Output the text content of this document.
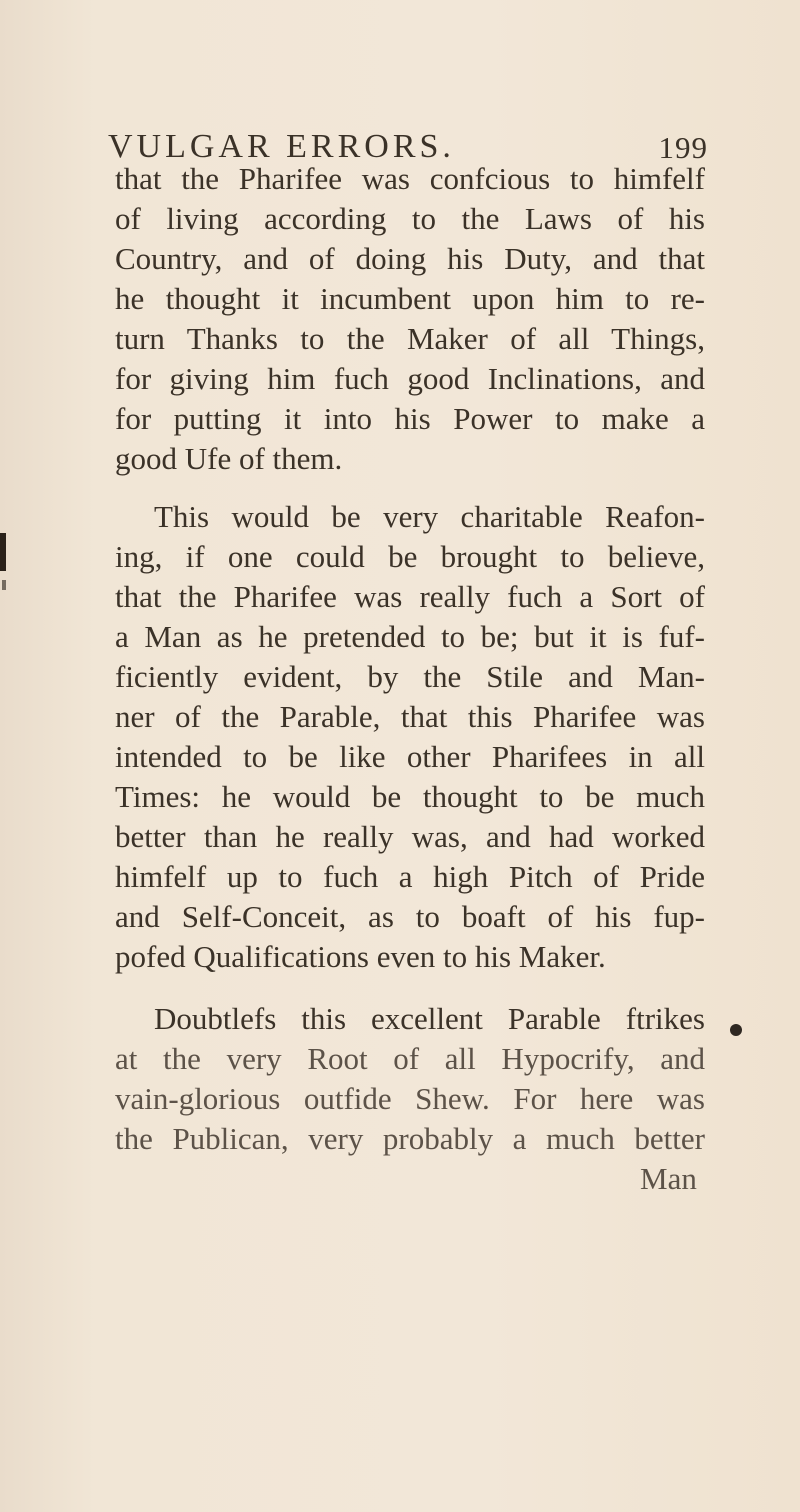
VULGAR ERRORS.	199
that the Pharifee was confcious to himfelf
of living according to the Laws of his
Country, and of doing his Duty, and that
he thought it incumbent upon him to re-
turn Thanks to the Maker of all Things,
for giving him fuch good Inclinations, and
for putting it into his Power to make a
good Ufe of them.
This would be very charitable Reafon-
ing, if one could be brought to believe,
that the Pharifee was really fuch a Sort of
a Man as he pretended to be; but it is fuf-
ficiently evident, by the Stile and Man-
ner of the Parable, that this Pharifee was
intended to be like other Pharifees in all
Times: he would be thought to be much
better than he really was, and had worked
himfelf up to fuch a high Pitch of Pride
and Self-Conceit, as to boaft of his fup-
pofed Qualifications even to his Maker.
Doubtlefs this excellent Parable ftrikes
at the very Root of all Hypocrify, and
vain-glorious outfide Shew. For here was
the Publican, very probably a much better
Man
